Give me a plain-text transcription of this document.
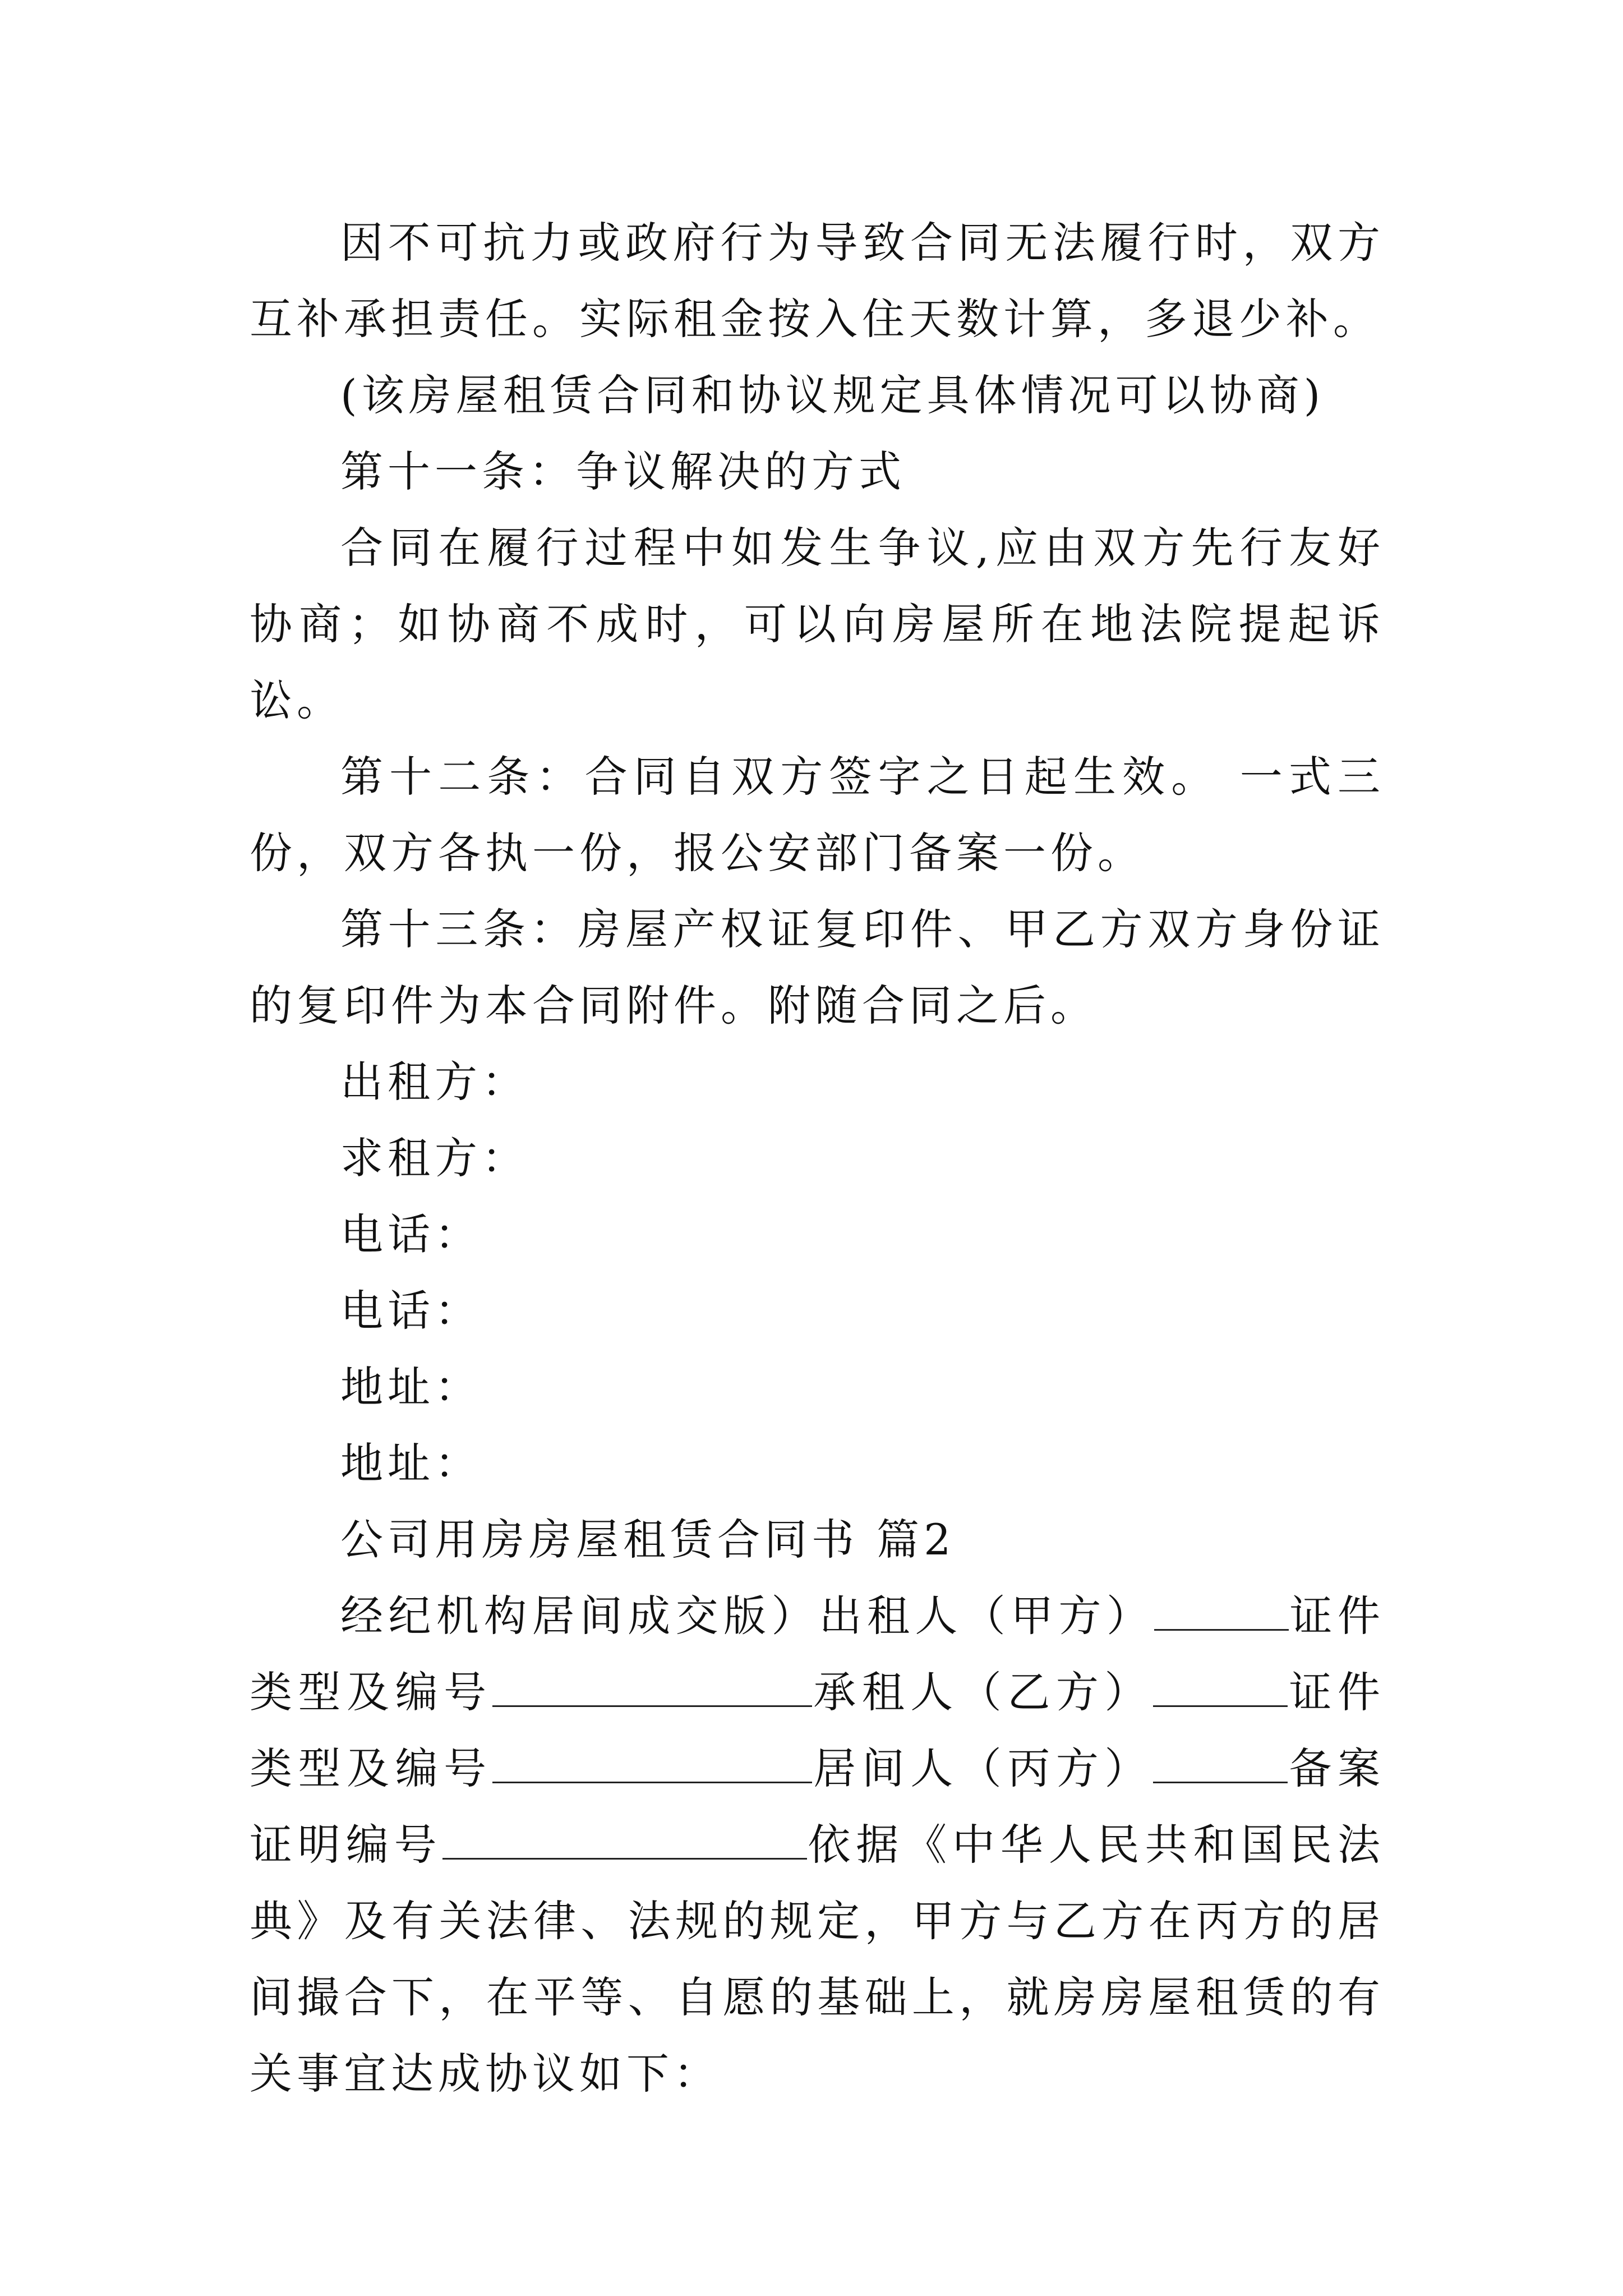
因不可抗力或政府行为导致合同无法履行时，双方互补承担责任。实际租金按入住天数计算，多退少补。

(该房屋租赁合同和协议规定具体情况可以协商)

第十一条：争议解决的方式

合同在履行过程中如发生争议,应由双方先行友好协商；如协商不成时，可以向房屋所在地法院提起诉讼。

第十二条：合同自双方签字之日起生效。 一式三份，双方各执一份，报公安部门备案一份。

第十三条：房屋产权证复印件、甲乙方双方身份证的复印件为本合同附件。附随合同之后。

出租方：

求租方：

电话：

电话：

地址：

地址：

公司用房房屋租赁合同书 篇2

经纪机构居间成交版）出租人（甲方）	证件类型及编号	承租人（乙方）	证件类型及编号	居间人（丙方）	备案证明编号	依据《中华人民共和国民法典》及有关法律、法规的规定，甲方与乙方在丙方的居间撮合下，在平等、自愿的基础上，就房房屋租赁的有关事宜达成协议如下：
